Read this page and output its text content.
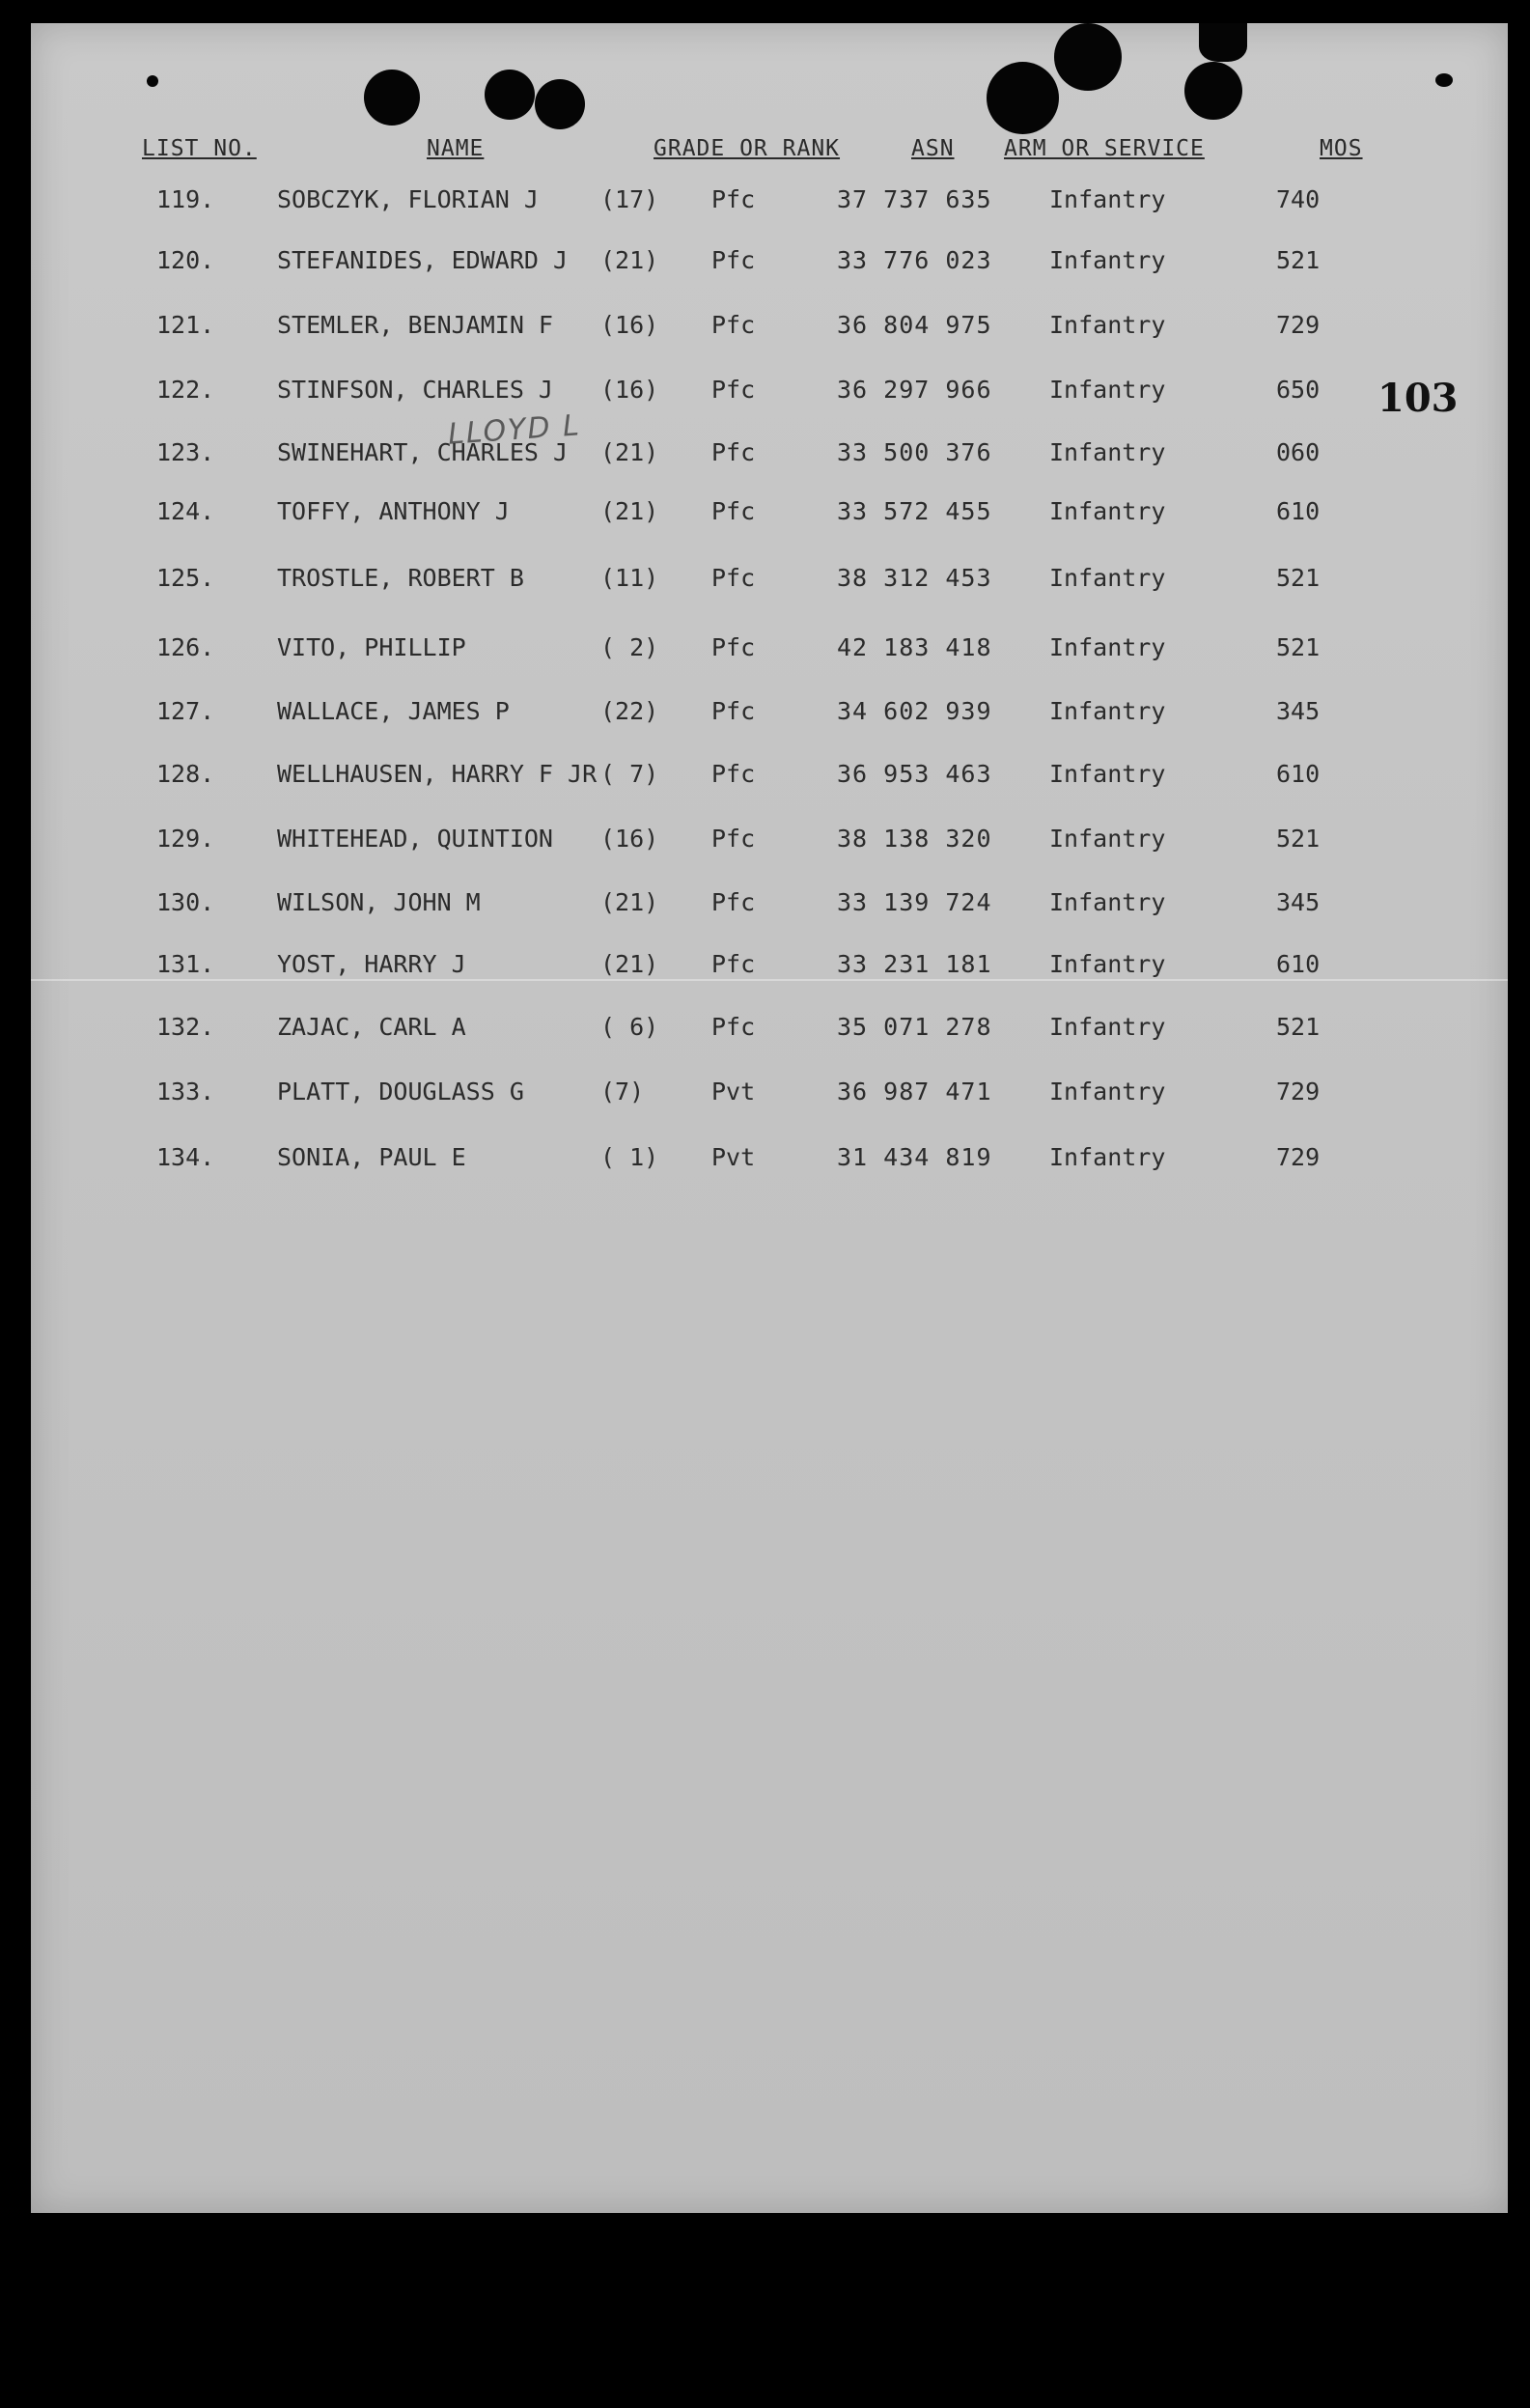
LIST NO.	NAME	GRADE OR RANK	ASN ARM OR SERVICE	MOS
103
LLOYD L
119.	SOBCZYK, FLORIAN J	(17) Pfc	37 737 635 Infantry	740
120.	STEFANIDES, EDWARD J (21) Pfc	33 776 023 Infantry	521
121.	STEMLER, BENJAMIN F (16) Pfc	36 804 975 Infantry	729
122.	STINFSON, CHARLES J (16) Pfc	36 297 966 Infantry	650
123.	SWINEHART, CHARLES J (21) Pfc	33 500 376 Infantry	060
124.	TOFFY, ANTHONY J	(21) Pfc	33 572 455 Infantry	610
125.	TROSTLE, ROBERT B	(11) Pfc	38 312 453 Infantry	521
126.	VITO, PHILLIP	( 2) Pfc	42 183 418 Infantry	521
127.	WALLACE, JAMES P	(22) Pfc	34 602 939 Infantry	345
128.	WELLHAUSEN, HARRY F JR ( 7) Pfc	36 953 463 Infantry	610
129.	WHITEHEAD, QUINTION (16) Pfc	38 138 320 Infantry	521
130.	WILSON, JOHN M	(21) Pfc	33 139 724 Infantry	345
131.	YOST, HARRY J	(21) Pfc	33 231 181 Infantry	610
132.	ZAJAC, CARL A	( 6) Pfc	35 071 278 Infantry	521
133.	PLATT, DOUGLASS G	(7)	Pvt	36 987 471 Infantry	729
134.	SONIA, PAUL E	( 1) Pvt	31 434 819 Infantry	729
